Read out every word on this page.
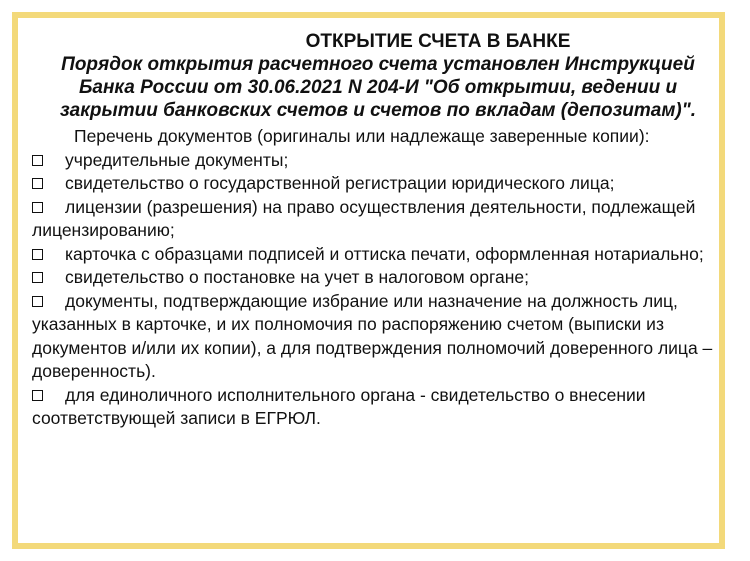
ОТКРЫТИЕ СЧЕТА В БАНКЕ

Порядок открытия расчетного счета установлен Инструкцией Банка России от 30.06.2021 N 204-И "Об открытии, ведении и закрытии банковских счетов и счетов по вкладам (депозитам)".

Перечень документов (оригиналы или надлежаще заверенные копии):

учредительные документы;
свидетельство о государственной регистрации юридического лица;
лицензии (разрешения) на право осуществления деятельности, подлежащей лицензированию;
карточка с образцами подписей и оттиска печати, оформленная нотариально;
свидетельство о постановке на учет в налоговом органе;
документы, подтверждающие избрание или назначение на должность лиц, указанных в карточке, и их полномочия по распоряжению счетом (выписки из документов и/или их копии), а для подтверждения полномочий доверенного лица – доверенность).
для единоличного исполнительного органа - свидетельство о внесении соответствующей записи в ЕГРЮЛ.
